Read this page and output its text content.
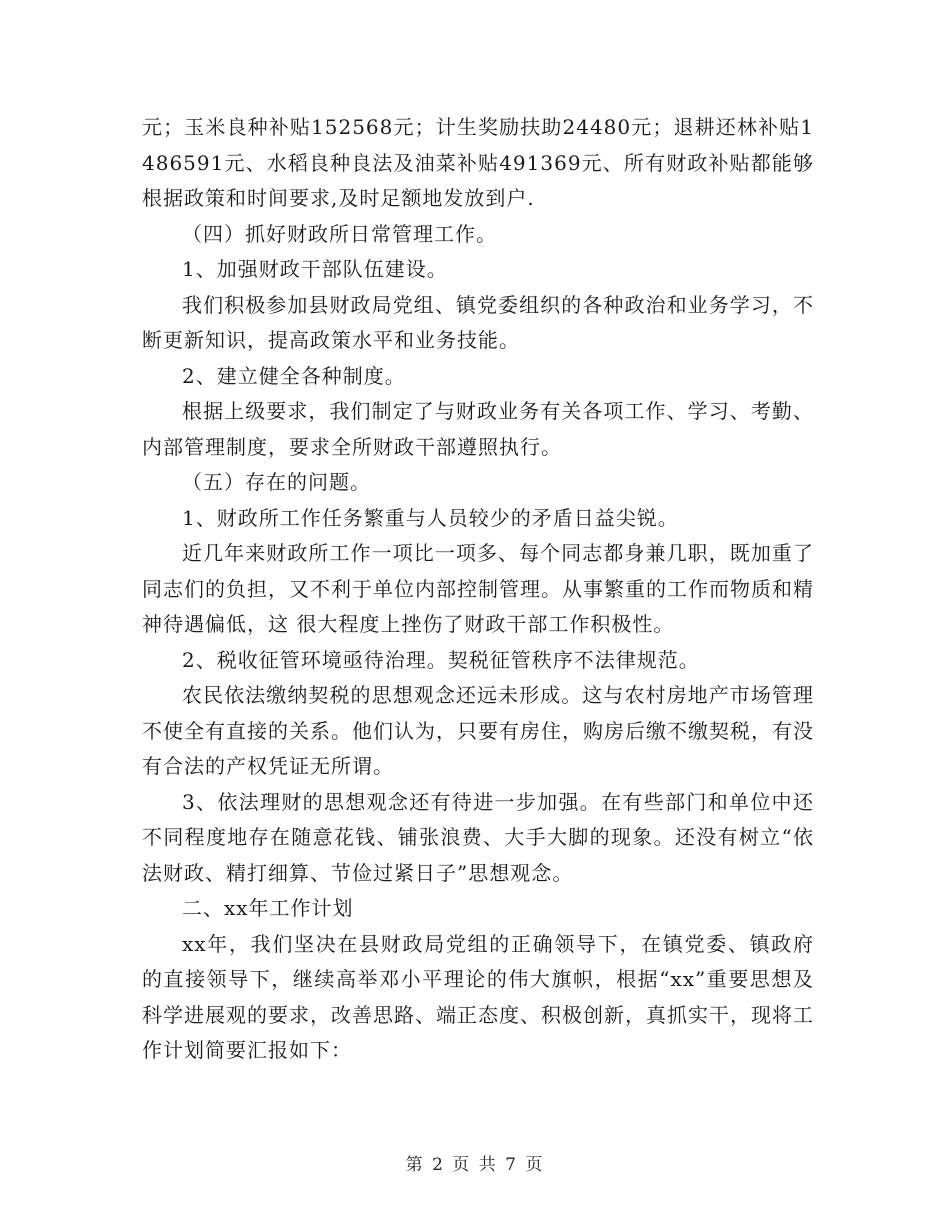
元；玉米良种补贴152568元；计生奖励扶助24480元；退耕还林补贴1486591元、水稻良种良法及油菜补贴491369元、所有财政补贴都能够根据政策和时间要求,及时足额地发放到户.

（四）抓好财政所日常管理工作。

1、加强财政干部队伍建设。

我们积极参加县财政局党组、镇党委组织的各种政治和业务学习，不断更新知识，提高政策水平和业务技能。

2、建立健全各种制度。

根据上级要求，我们制定了与财政业务有关各项工作、学习、考勤、内部管理制度，要求全所财政干部遵照执行。

（五）存在的问题。

1、财政所工作任务繁重与人员较少的矛盾日益尖锐。

近几年来财政所工作一项比一项多、每个同志都身兼几职，既加重了同志们的负担，又不利于单位内部控制管理。从事繁重的工作而物质和精神待遇偏低，这 很大程度上挫伤了财政干部工作积极性。

2、税收征管环境亟待治理。契税征管秩序不法律规范。

农民依法缴纳契税的思想观念还远未形成。这与农村房地产市场管理不使全有直接的关系。他们认为，只要有房住，购房后缴不缴契税，有没有合法的产权凭证无所谓。

3、依法理财的思想观念还有待进一步加强。在有些部门和单位中还不同程度地存在随意花钱、铺张浪费、大手大脚的现象。还没有树立“依法财政、精打细算、节俭过紧日子”思想观念。

二、xx年工作计划

xx年，我们坚决在县财政局党组的正确领导下，在镇党委、镇政府的直接领导下，继续高举邓小平理论的伟大旗帜，根据“xx”重要思想及科学进展观的要求，改善思路、端正态度、积极创新，真抓实干，现将工作计划简要汇报如下：

第 2 页 共 7 页
